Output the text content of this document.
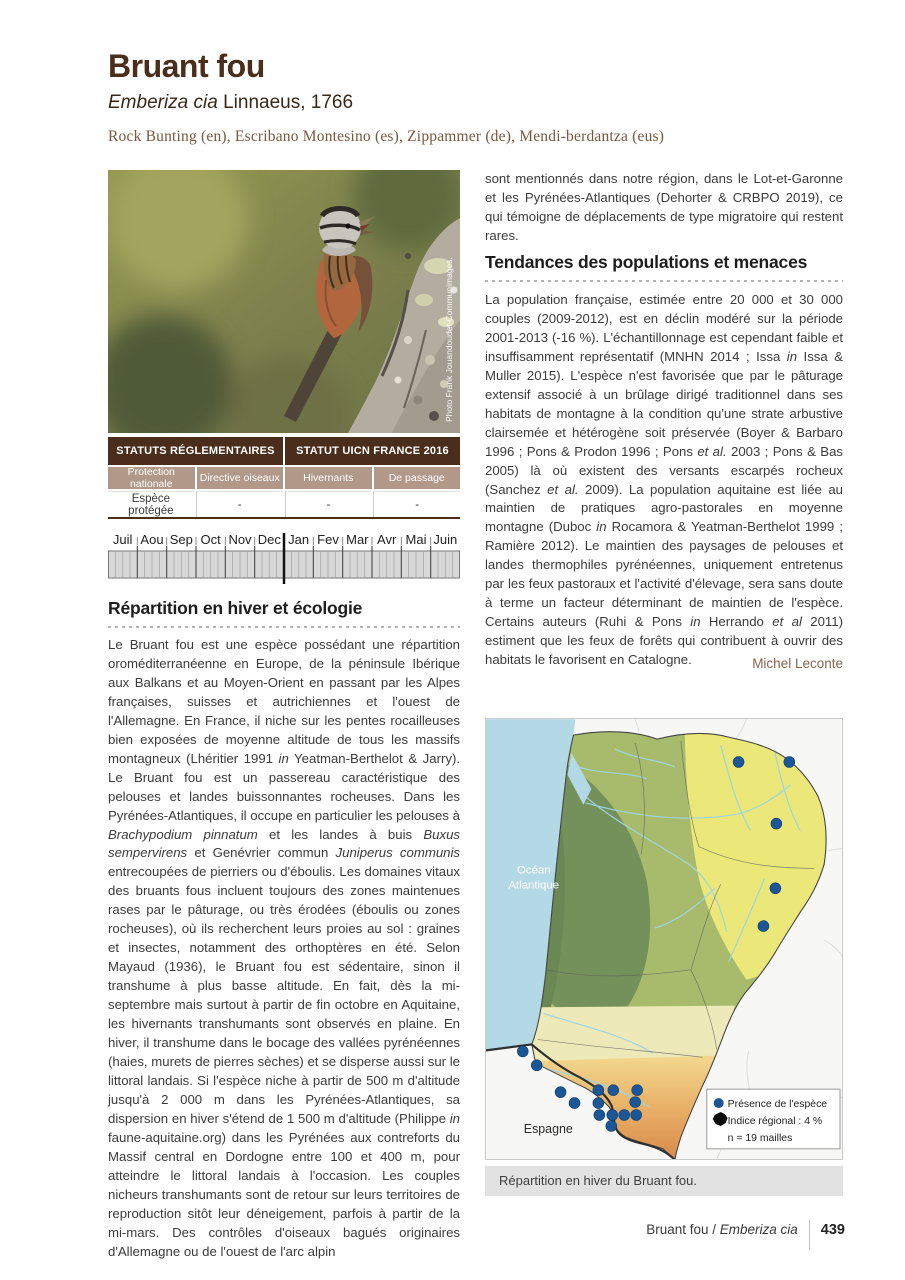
Bruant fou
Emberiza cia Linnaeus, 1766
Rock Bunting (en), Escribano Montesino (es), Zippammer (de), Mendi-berdantza (eus)
Photo Frank Jouandoudet-Communimages.
STATUTS RÉGLEMENTAIRES	STATUT UICN FRANCE 2016
Protection nationale	Directive oiseaux	Hivernants	De passage
Espèce protégée	-	-	-
Juil Aou Sep Oct Nov Dec Jan Fev Mar Avr Mai Juin
Répartition en hiver et écologie
Le Bruant fou est une espèce possédant une répartition oroméditerranéenne en Europe, de la péninsule Ibérique aux Balkans et au Moyen-Orient en passant par les Alpes françaises, suisses et autrichiennes et l'ouest de l'Allemagne. En France, il niche sur les pentes rocailleuses bien exposées de moyenne altitude de tous les massifs montagneux (Lhéritier 1991 in Yeatman-Berthelot & Jarry). Le Bruant fou est un passereau caractéristique des pelouses et landes buissonnantes rocheuses. Dans les Pyrénées-Atlantiques, il occupe en particulier les pelouses à Brachypodium pinnatum et les landes à buis Buxus sempervirens et Genévrier commun Juniperus communis entrecoupées de pierriers ou d'éboulis. Les domaines vitaux des bruants fous incluent toujours des zones maintenues rases par le pâturage, ou très érodées (éboulis ou zones rocheuses), où ils recherchent leurs proies au sol : graines et insectes, notamment des orthoptères en été. Selon Mayaud (1936), le Bruant fou est sédentaire, sinon il transhume à plus basse altitude. En fait, dès la mi-septembre mais surtout à partir de fin octobre en Aquitaine, les hivernants transhumants sont observés en plaine. En hiver, il transhume dans le bocage des vallées pyrénéennes (haies, murets de pierres sèches) et se disperse aussi sur le littoral landais. Si l'espèce niche à partir de 500 m d'altitude jusqu'à 2 000 m dans les Pyrénées-Atlantiques, sa dispersion en hiver s'étend de 1 500 m d'altitude (Philippe in faune-aquitaine.org) dans les Pyrénées aux contreforts du Massif central en Dordogne entre 100 et 400 m, pour atteindre le littoral landais à l'occasion. Les couples nicheurs transhumants sont de retour sur leurs territoires de reproduction sitôt leur déneigement, parfois à partir de la mi-mars. Des contrôles d'oiseaux bagués originaires d'Allemagne ou de l'ouest de l'arc alpin
sont mentionnés dans notre région, dans le Lot-et-Garonne et les Pyrénées-Atlantiques (Dehorter & CRBPO 2019), ce qui témoigne de déplacements de type migratoire qui restent rares.
Tendances des populations et menaces
La population française, estimée entre 20 000 et 30 000 couples (2009-2012), est en déclin modéré sur la période 2001-2013 (-16 %). L'échantillonnage est cependant faible et insuffisamment représentatif (MNHN 2014 ; Issa in Issa & Muller 2015). L'espèce n'est favorisée que par le pâturage extensif associé à un brûlage dirigé traditionnel dans ses habitats de montagne à la condition qu'une strate arbustive clairsemée et hétérogène soit préservée (Boyer & Barbaro 1996 ; Pons & Prodon 1996 ; Pons et al. 2003 ; Pons & Bas 2005) là où existent des versants escarpés rocheux (Sanchez et al. 2009). La population aquitaine est liée au maintien de pratiques agro-pastorales en moyenne montagne (Duboc in Rocamora & Yeatman-Berthelot 1999 ; Ramière 2012). Le maintien des paysages de pelouses et landes thermophiles pyrénéennes, uniquement entretenus par les feux pastoraux et l'activité d'élevage, sera sans doute à terme un facteur déterminant de maintien de l'espèce. Certains auteurs (Ruhi & Pons in Herrando et al 2011) estiment que les feux de forêts qui contribuent à ouvrir des habitats le favorisent en Catalogne.	Michel Leconte
Océan
Atlantique
Espagne
Présence de l'espèce
Indice régional : 4 %
n = 19 mailles
Répartition en hiver du Bruant fou.
Bruant fou / Emberiza cia 439
